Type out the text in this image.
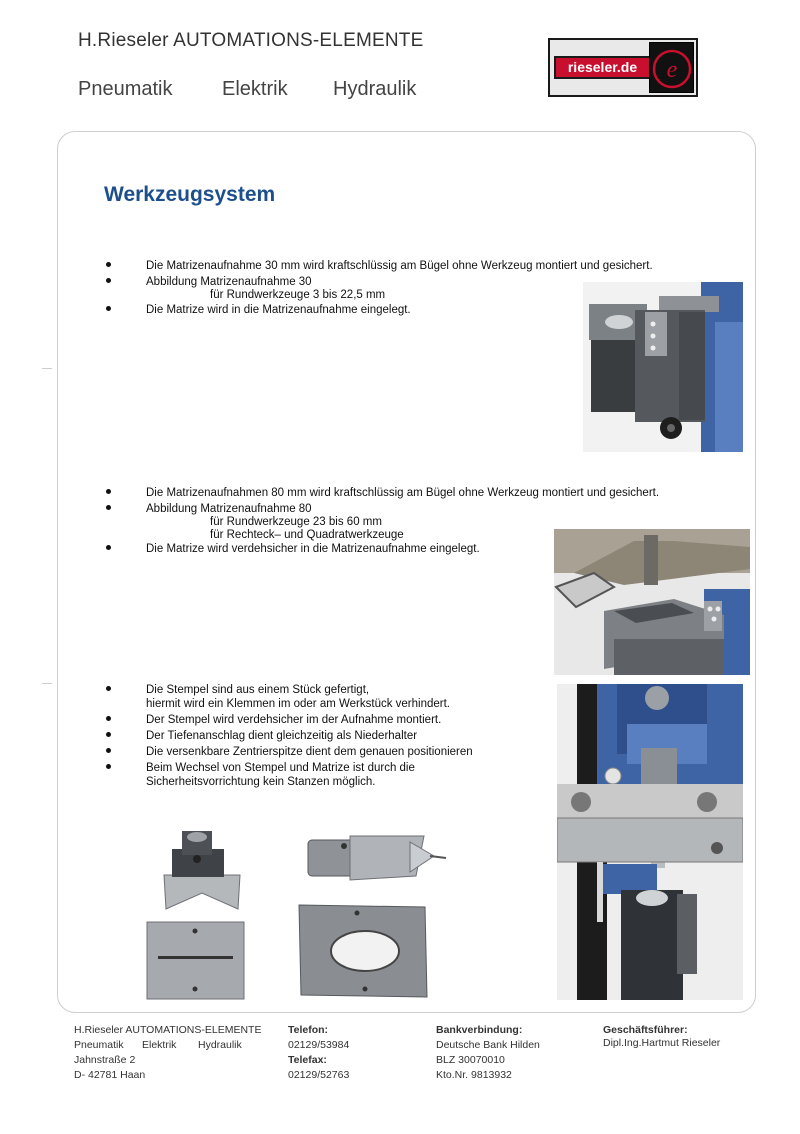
H.Rieseler AUTOMATIONS-ELEMENTE
Pneumatik Elektrik Hydraulik
rieseler.de	e
Werkzeugsystem
Die Matrizenaufnahme 30 mm wird kraftschlüssig am Bügel ohne Werkzeug montiert und gesichert.
Abbildung Matrizenaufnahme 30
für Rundwerkzeuge 3 bis 22,5 mm
Die Matrize wird in die Matrizenaufnahme eingelegt.
Die Matrizenaufnahmen 80 mm wird kraftschlüssig am Bügel ohne Werkzeug montiert und gesichert.
Abbildung Matrizenaufnahme 80
für Rundwerkzeuge 23 bis 60 mm
für Rechteck– und Quadratwerkzeuge
Die Matrize wird verdehsicher in die Matrizenaufnahme eingelegt.
Die Stempel sind aus einem Stück gefertigt,
hiermit wird ein Klemmen im oder am Werkstück verhindert.
Der Stempel wird verdehsicher im der Aufnahme montiert.
Der Tiefenanschlag dient gleichzeitig als Niederhalter
Die versenkbare Zentrierspitze dient dem genauen positionieren
Beim Wechsel von Stempel und Matrize ist durch die
Sicherheitsvorrichtung kein Stanzen möglich.
H.Rieseler AUTOMATIONS-ELEMENTE
Pneumatik Elektrik Hydraulik
Jahnstraße 2
D- 42781 Haan
Telefon:
02129/53984
Telefax:
02129/52763
Bankverbindung:
Deutsche Bank Hilden
BLZ 30070010
Kto.Nr. 9813932
Geschäftsführer:
Dipl.Ing.Hartmut Rieseler
